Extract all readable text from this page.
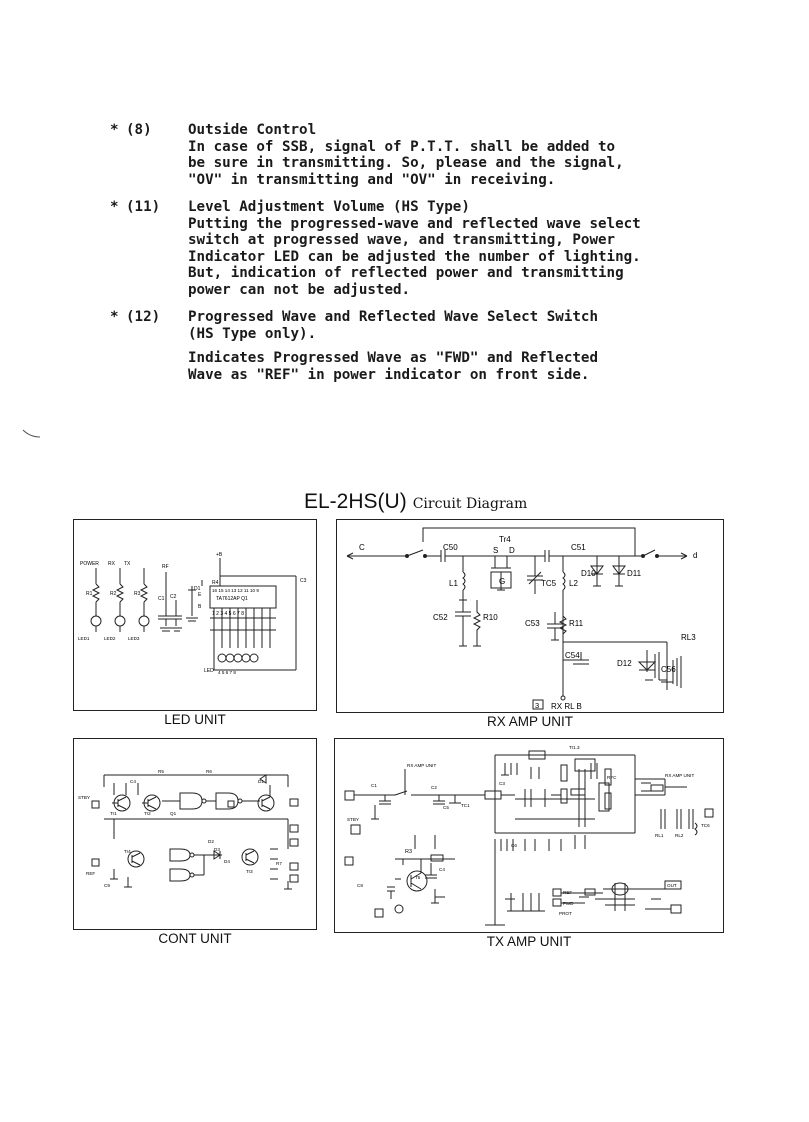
* (8)	Outside Control
In case of SSB, signal of P.T.T. shall be added to
be sure in transmitting. So, please and the signal,
"OV" in transmitting and "OV" in receiving.
* (11) Level Adjustment Volume (HS Type)
Putting the progressed-wave and reflected wave select
switch at progressed wave, and transmitting, Power
Indicator LED can be adjusted the number of lighting.
But, indication of reflected power and transmitting
power can not be adjusted.
* (12) Progressed Wave and Reflected Wave Select Switch
(HS Type only).
Indicates Progressed Wave as "FWD" and Reflected
Wave as "REF" in power indicator on front side.
EL-2HS(U) Circuit Diagram
POWER RX TX	RF
+B
R1	R2	R3
R4
C1 C2
C3
D1
E
B
16 15 14 13 12 11 10 9
TA7612AP Q1
1 2 3 4 5 6 7 8
LED1	LED2	LED3
LED 4 5 6 7 8
LED UNIT
C
Tr4
C50	S D
G
C51
d
L1	TC5 L2
D10	D11
C52	R10
C53	R11
RL3
C54
D12
C56
3 RX RL B
RX AMP UNIT
R5	R6
STBY
C4
Q1
D1
D2
D3
D4
Tr1	Tr2
Tr3
Tr4
REF
C9
R7
CONT UNIT
RX AMP UNIT
RX AMP UNIT
Tr1.3
STBY
R3
T5
C4
REF
FWD
OUT
PROT
RL1	RL2
C8
C1	C2
C3
C5
C6
RFC
TC1
TC6
TX AMP UNIT
